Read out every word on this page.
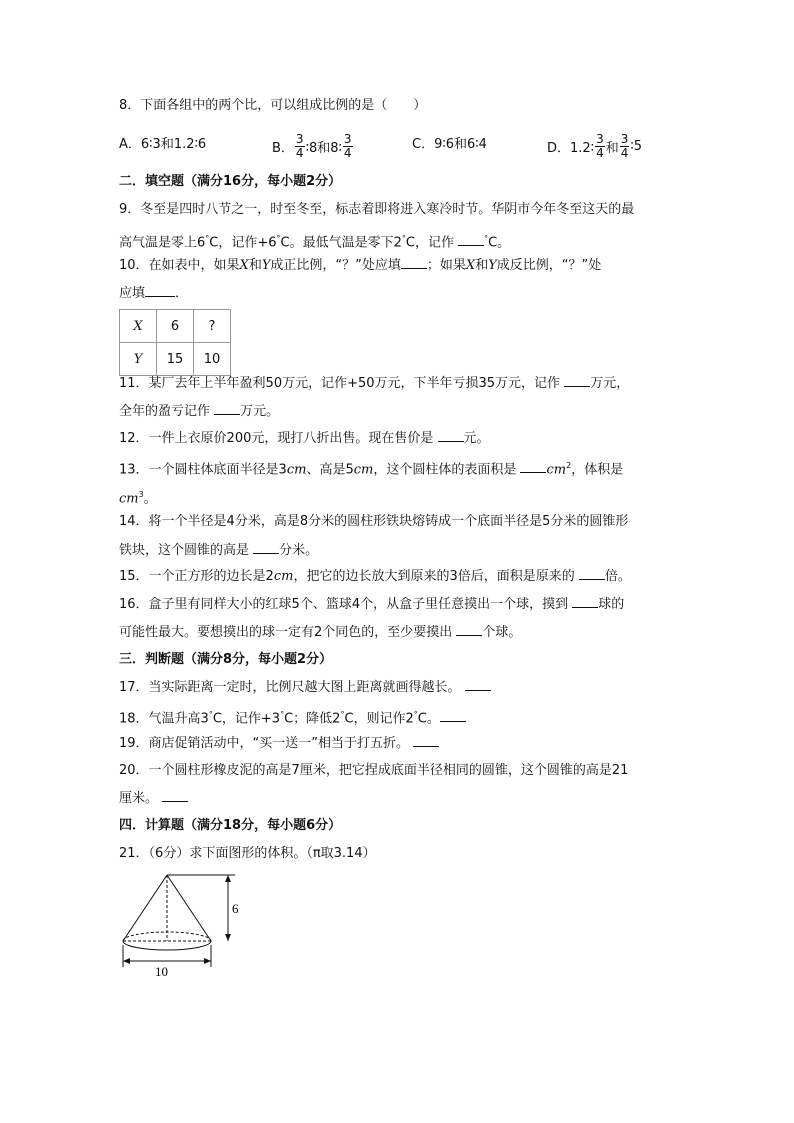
8．下面各组中的两个比，可以组成比例的是（　　）
A．6∶3和1.2∶6	B． $\frac{3}{4}$ ∶8和8∶ $\frac{3}{4}$	C．9∶6和6∶4	D．1.2∶ $\frac{3}{4}$ 和 $\frac{3}{4}$ ∶5
二．填空题（满分16分，每小题2分）
9．冬至是四时八节之一，时至冬至，标志着即将进入寒冷时节。华阴市今年冬至这天的最
高气温是零上6°C，记作+6°C。最低气温是零下2°C，记作	°C。
10．在如表中，如果X和Y成正比例，“？”处应填 ；如果X和Y成反比例，“？”处
应填 ．
X	6	?
Y	15	10
11．某厂去年上半年盈利50万元，记作+50万元，下半年亏损35万元，记作 万元，
全年的盈亏记作 万元。
12．一件上衣原价200元，现打八折出售。现在售价是 元。
13．一个圆柱体底面半径是3cm、高是5cm，这个圆柱体的表面积是 $cm^2$，体积是
$cm^3$。
14．将一个半径是4分米，高是8分米的圆柱形铁块熔铸成一个底面半径是5分米的圆锥形
铁块，这个圆锥的高是 分米。
15．一个正方形的边长是2cm，把它的边长放大到原来的3倍后，面积是原来的 倍。
16．盒子里有同样大小的红球5个、篮球4个，从盒子里任意摸出一个球，摸到 球的
可能性最大。要想摸出的球一定有2个同色的，至少要摸出 个球。
三．判断题（满分8分，每小题2分）
17．当实际距离一定时，比例尺越大图上距离就画得越长。
18．气温升高3°C，记作+3°C；降低2°C，则记作2°C。
19．商店促销活动中，“买一送一”相当于打五折。
20．一个圆柱形橡皮泥的高是7厘米，把它捏成底面半径相同的圆锥，这个圆锥的高是21
厘米。
四．计算题（满分18分，每小题6分）
21．（6分）求下面图形的体积。（π取3.14）
6
10
